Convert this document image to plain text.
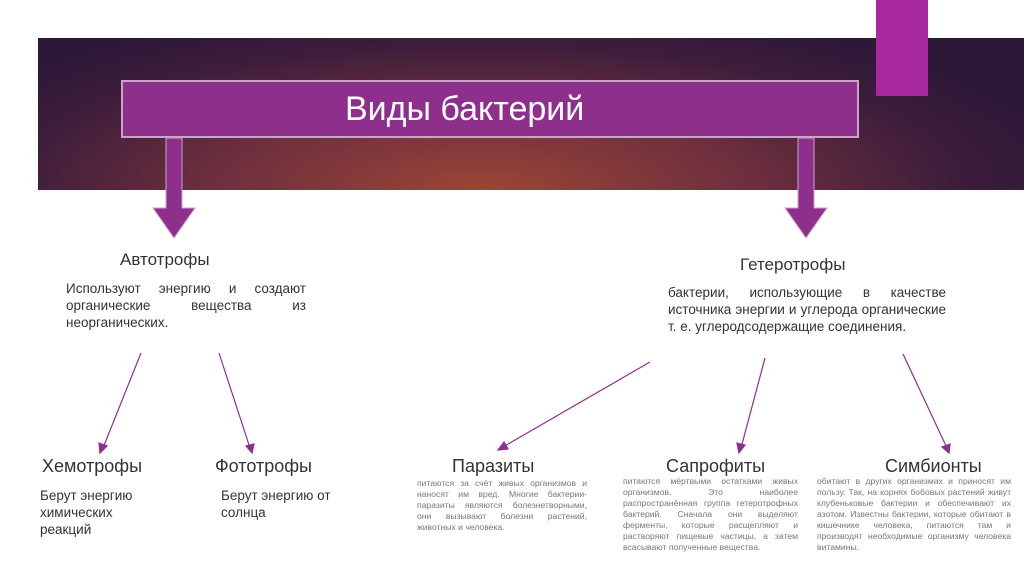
Виды бактерий
Автотрофы
Используют энергию и создают органические вещества из неорганических.
Гетеротрофы
бактерии, использующие в качестве источника энергии и углерода органические т. е. углеродсодержащие соединения.
Хемотрофы
Берут энергию химических реакций
Фототрофы
Берут энергию от солнца
Паразиты
питаются за счёт живых организмов и наносят им вред. Многие бактерии-паразиты являются болезнетворными, они вызывают болезни растений, животных и человека.
Сапрофиты
питаются мёртвыми остатками живых организмов. Это наиболее распространённая группа гетеротрофных бактерий. Сначала они выделяют ферменты, которые расщепляют и растворяют пищевые частицы, а затем всасывают полученные вещества.
Симбионты
обитают в других организмах и приносят им пользу. Так, на корнях бобовых растений живут клубеньковые бактерии и обеспечивают их азотом. Известны бактерии, которые обитают в кишечнике человека, питаются там и производят необходимые организму человека витамины.
